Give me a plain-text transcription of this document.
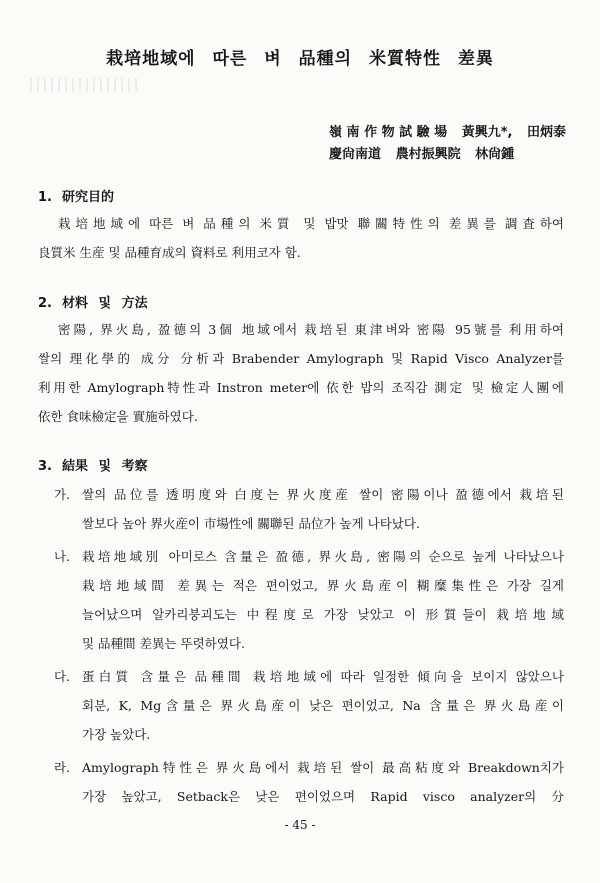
栽培地域에 따른 벼 品種의 米質特性 差異
嶺 南 作 物 試 驗 場 黃興九*, 田炳泰
慶尙南道 農村振興院 林尙鍾
1. 研究目的
栽培地域에 따른 벼 品種의 米質 및 밥맛 聯關特性의 差異를 調査하여
良質米 生産 및 品種育成의 資料로 利用코자 함.
2. 材料 및 方法
密陽, 界火島, 盈德의 3個 地域에서 栽培된 東津벼와 密陽 95號를 利用하여
쌀의 理化學的 成分 分析과 Brabender Amylograph 및 Rapid Visco Analyzer를
利用한 Amylograph特性과 Instron meter에 依한 밥의 조직감 測定 및 檢定人團에
依한 食味檢定을 實施하였다.
3. 結果 및 考察
가. 쌀의 品位를 透明度와 白度는 界火度産 쌀이 密陽이나 盈德에서 栽培된
쌀보다 높아 界火産이 市場性에 關聯된 品位가 높게 나타났다.
나. 栽培地域別 아미로스 含量은 盈德, 界火島, 密陽의 순으로 높게 나타났으나
栽培地域間 差異는 적은 편이었고, 界火島産이 糊糜集性은 가장 길게
늘어났으며 알카리붕괴도는 中程度로 가장 낮았고 이 形質들이 栽培地域
및 品種間 差異는 뚜렷하였다.
다. 蛋白質 含量은 品種間 栽培地域에 따라 일정한 傾向을 보이지 않았으나
회분, K, Mg含量은 界火島産이 낮은 편이었고, Na 含量은 界火島産이
가장 높았다.
라. Amylograph特性은 界火島에서 栽培된 쌀이 最高粘度와 Breakdown치가
가장 높았고, Setback은 낮은 편이었으며 Rapid visco analyzer의 分
- 45 -
